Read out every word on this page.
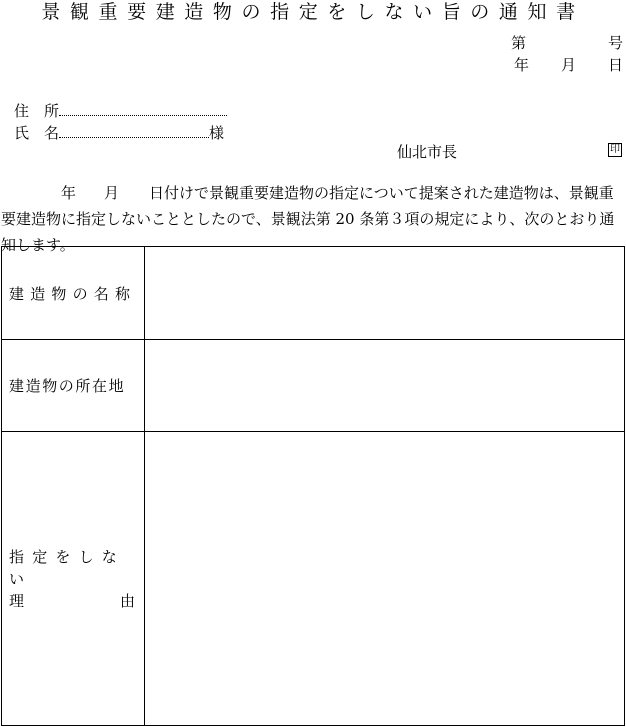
景観重要建造物の指定をしない旨の通知書
第	号
年 月 日
住　所
氏　名	様
仙北市長	印

年 月 日付けで景観重要建造物の指定について提案された建造物は、景観重要建造物に指定しないこととしたので、景観法第 20 条第３項の規定により、次のとおり通知します。

建造物の名称	
建造物の所在地	

指定をしない
理 由	
